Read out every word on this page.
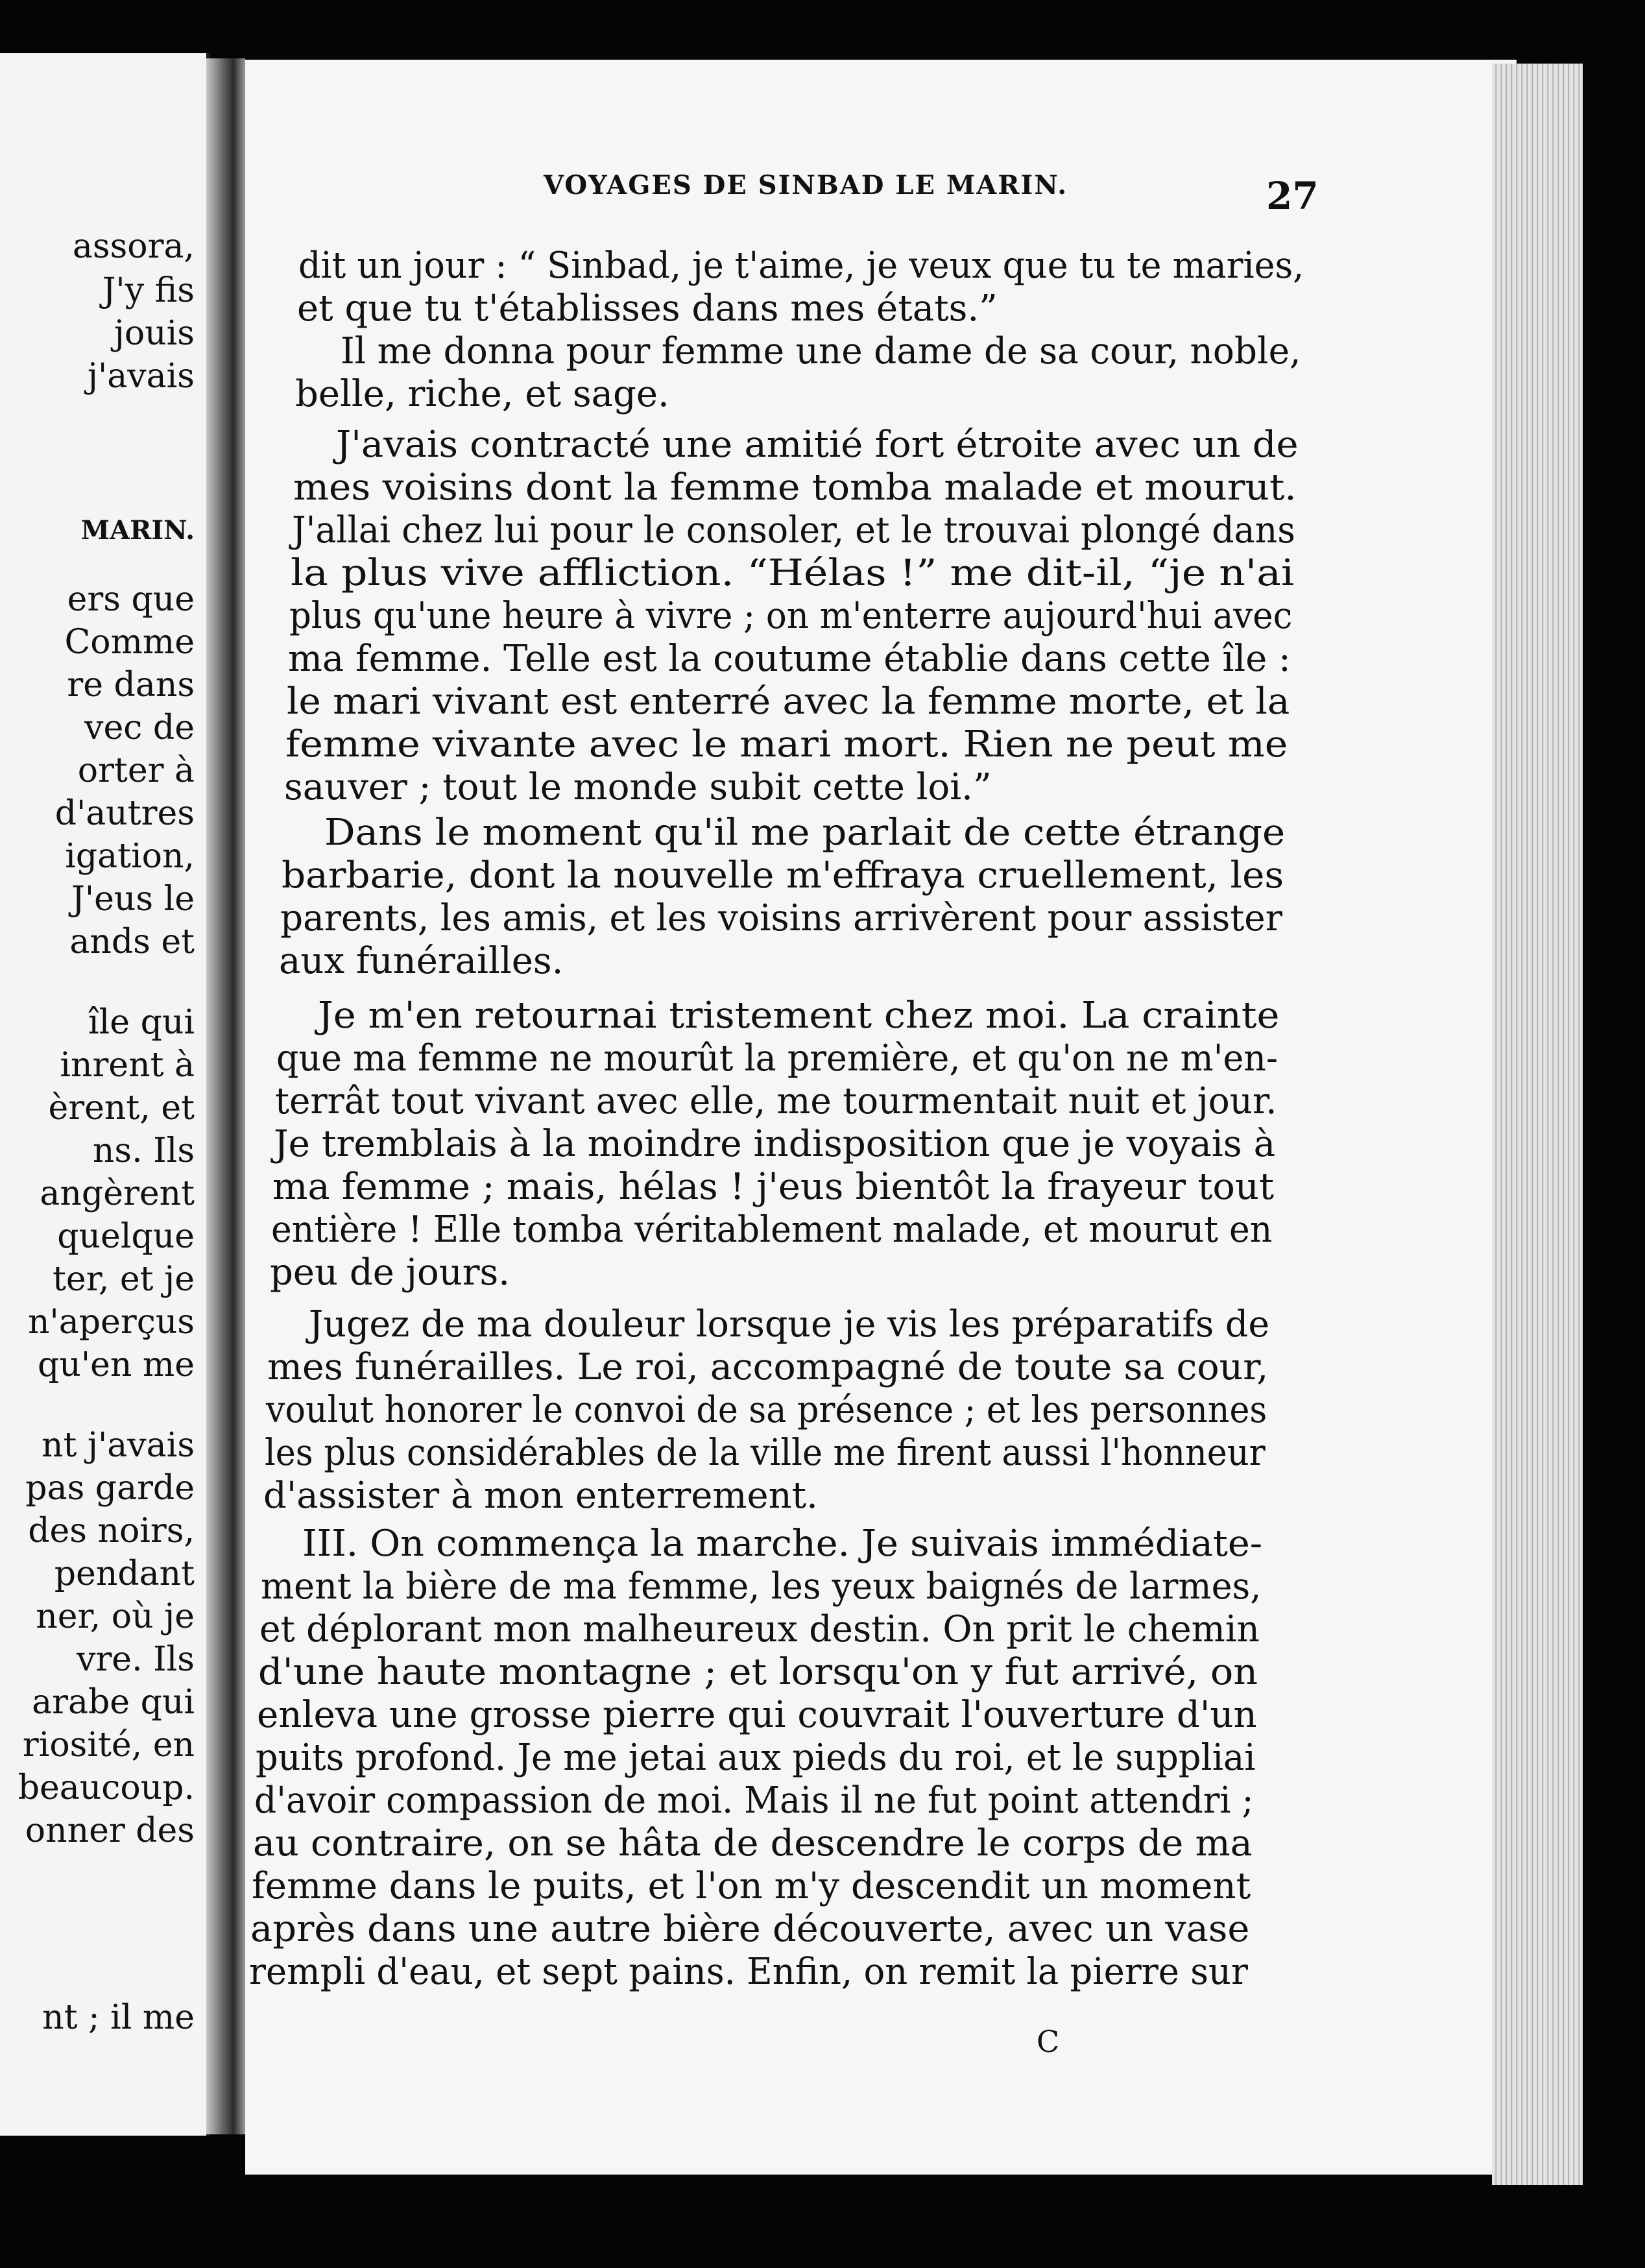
assora,
J'y fis
jouis
j'avais
MARIN.
ers que
Comme
re dans
vec de
orter à
d'autres
igation,
J'eus le
ands et
île qui
inrent à
èrent, et
ns. Ils
angèrent
quelque
ter, et je
n'aperçus
qu'en me
nt j'avais
pas garde
des noirs,
pendant
ner, où je
vre. Ils
arabe qui
riosité, en
beaucoup.
onner des
nt ; il me
VOYAGES DE SINBAD LE MARIN.	27
dit un jour : “ Sinbad, je t'aime, je veux que tu te maries,
et que tu t'établisses dans mes états.”
Il me donna pour femme une dame de sa cour, noble,
belle, riche, et sage.
J'avais contracté une amitié fort étroite avec un de
mes voisins dont la femme tomba malade et mourut.
J'allai chez lui pour le consoler, et le trouvai plongé dans
la plus vive affliction. “Hélas !” me dit-il, “je n'ai
plus qu'une heure à vivre ; on m'enterre aujourd'hui avec
ma femme. Telle est la coutume établie dans cette île :
le mari vivant est enterré avec la femme morte, et la
femme vivante avec le mari mort. Rien ne peut me
sauver ; tout le monde subit cette loi.”
Dans le moment qu'il me parlait de cette étrange
barbarie, dont la nouvelle m'effraya cruellement, les
parents, les amis, et les voisins arrivèrent pour assister
aux funérailles.
Je m'en retournai tristement chez moi. La crainte
que ma femme ne mourût la première, et qu'on ne m'en-
terrât tout vivant avec elle, me tourmentait nuit et jour.
Je tremblais à la moindre indisposition que je voyais à
ma femme ; mais, hélas ! j'eus bientôt la frayeur tout
entière ! Elle tomba véritablement malade, et mourut en
peu de jours.
Jugez de ma douleur lorsque je vis les préparatifs de
mes funérailles. Le roi, accompagné de toute sa cour,
voulut honorer le convoi de sa présence ; et les personnes
les plus considérables de la ville me firent aussi l'honneur
d'assister à mon enterrement.
III. On commença la marche. Je suivais immédiate-
ment la bière de ma femme, les yeux baignés de larmes,
et déplorant mon malheureux destin. On prit le chemin
d'une haute montagne ; et lorsqu'on y fut arrivé, on
enleva une grosse pierre qui couvrait l'ouverture d'un
puits profond. Je me jetai aux pieds du roi, et le suppliai
d'avoir compassion de moi. Mais il ne fut point attendri ;
au contraire, on se hâta de descendre le corps de ma
femme dans le puits, et l'on m'y descendit un moment
après dans une autre bière découverte, avec un vase
rempli d'eau, et sept pains. Enfin, on remit la pierre sur
C
